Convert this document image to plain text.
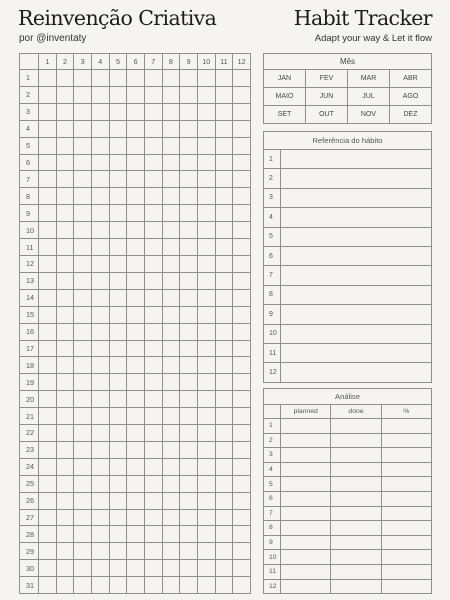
Reinvenção Criativa
por @inventaty
Habit Tracker
Adapt your way & Let it flow
	1	2	3	4	5	6	7	8	9	10	11	12
1												
2												
3												
4												
5												
6												
7												
8												
9												
10												
11												
12												
13												
14												
15												
16												
17												
18												
19												
20												
21												
22												
23												
24												
25												
26												
27												
28												
29												
30												
31												
Mês			
JAN	FEV	MAR	ABR
MAIO	JUN	JUL	AGO
SET	OUT	NOV	DEZ
Referência do hábito	
1	
2	
3	
4	
5	
6	
7	
8	
9	
10	
11	
12	
Análise			
	planned	done	%
1			
2			
3			
4			
5			
6			
7			
8			
9			
10			
11			
12			
